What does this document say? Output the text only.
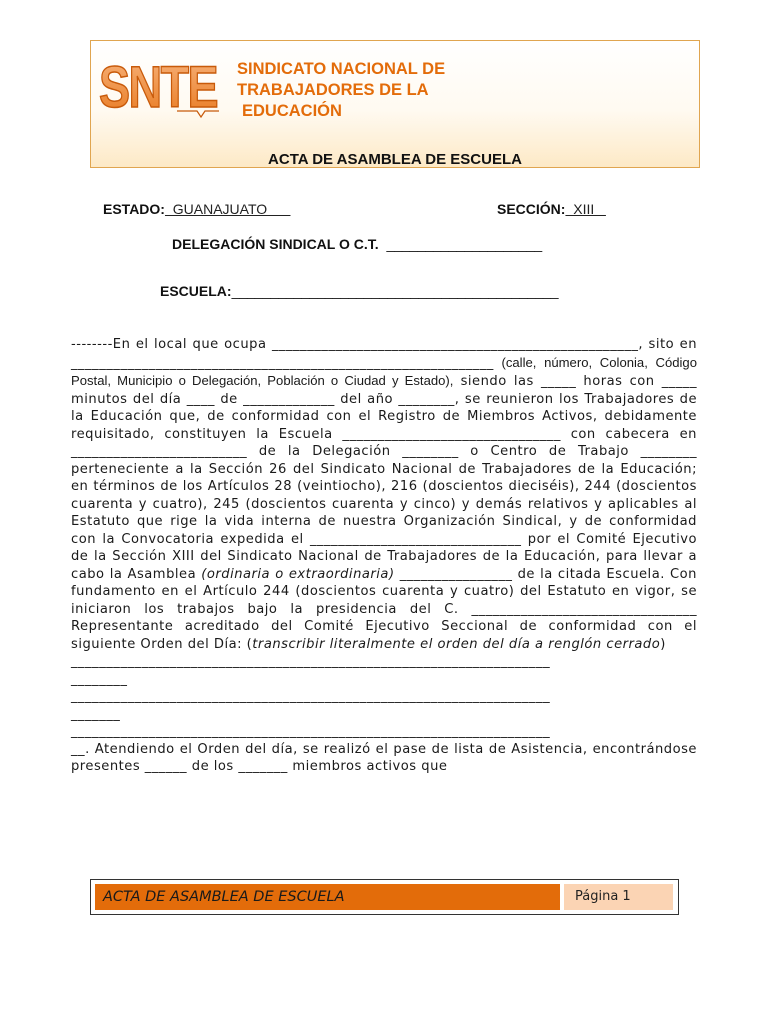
SNTE SINDICATO NACIONAL DE
TRABAJADORES DE LA
EDUCACIÓN
ACTA DE ASAMBLEA DE ESCUELA
ESTADO:  GUANAJUATO	SECCIÓN:  XIII
DELEGACIÓN SINDICAL O C.T. ____________________
ESCUELA:__________________________________________

--------En el local que ocupa ____________________________________________________, sito en ____________________________________________________________ (calle, número, Colonia, Código Postal, Municipio o Delegación, Población o Ciudad y Estado), siendo las _____ horas con _____ minutos del día ____ de _____________ del año ________, se reunieron los Trabajadores de la Educación que, de conformidad con el Registro de Miembros Activos, debidamente requisitado, constituyen la Escuela _______________________________ con cabecera en _________________________ de la Delegación ________ o Centro de Trabajo ________ perteneciente a la Sección 26 del Sindicato Nacional de Trabajadores de la Educación; en términos de los Artículos 28 (veintiocho), 216 (doscientos dieciséis), 244 (doscientos cuarenta y cuatro), 245 (doscientos cuarenta y cinco) y demás relativos y aplicables al Estatuto que rige la vida interna de nuestra Organización Sindical, y de conformidad con la Convocatoria expedida el ______________________________ por el Comité Ejecutivo de la Sección XIII del Sindicato Nacional de Trabajadores de la Educación, para llevar a cabo la Asamblea (ordinaria o extraordinaria) ________________ de la citada Escuela. Con fundamento en el Artículo 244 (doscientos cuarenta y cuatro) del Estatuto en vigor, se iniciaron los trabajos bajo la presidencia del C. ________________________________ Representante acreditado del Comité Ejecutivo Seccional de conformidad con el siguiente Orden del Día: (transcribir literalmente el orden del día a renglón cerrado)

____________________________________________________________________

________

____________________________________________________________________

_______

____________________________________________________________________

__. Atendiendo el Orden del día, se realizó el pase de lista de Asistencia, encontrándose presentes ______ de los _______ miembros activos que

ACTA DE ASAMBLEA DE ESCUELA	Página 1
